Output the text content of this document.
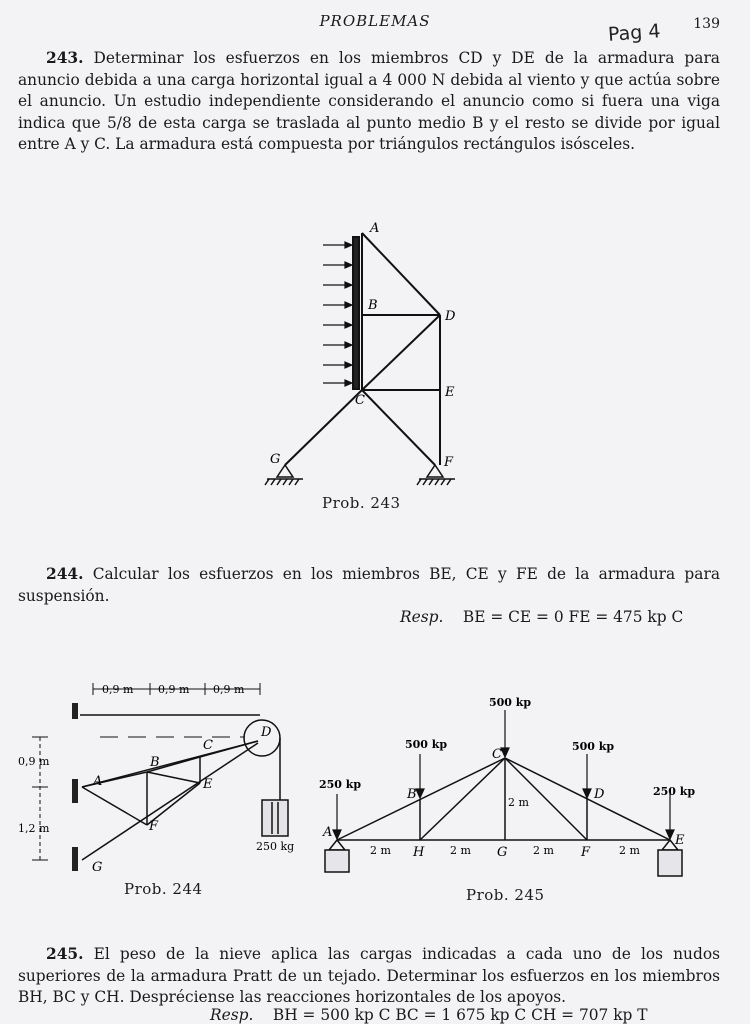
PROBLEMAS	Pag 4 139
243. Determinar los esfuerzos en los miembros CD y DE de la armadura para anuncio debida a una carga horizontal igual a 4 000 N debida al viento y que actúa sobre el anuncio. Un estudio independiente considerando el anuncio como si fuera una viga indica que 5/8 de esta carga se traslada al punto medio B y el resto se divide por igual entre A y C. La armadura está compuesta por triángulos rectángulos isósceles.
A
B
C
D
E
F
G
Prob. 243
244. Calcular los esfuerzos en los miembros BE, CE y FE de la armadura para suspensión.
Resp. BE = CE = 0 FE = 475 kp C
0,9 m 0,9 m 0,9 m
0,9 m
1,2 m
250 kg
A
B
C
D
E
F
G
Prob. 244
500 kp
500 kp	500 kp
250 kp
250 kp
2 m	2 m	2 m	2 m
2 m
A
B
C
D
E
F
G
H
Prob. 245
245. El peso de la nieve aplica las cargas indicadas a cada uno de los nudos superiores de la armadura Pratt de un tejado. Determinar los esfuerzos en los miembros BH, BC y CH. Despréciense las reacciones horizontales de los apoyos.
Resp. BH = 500 kp C BC = 1 675 kp C CH = 707 kp T
